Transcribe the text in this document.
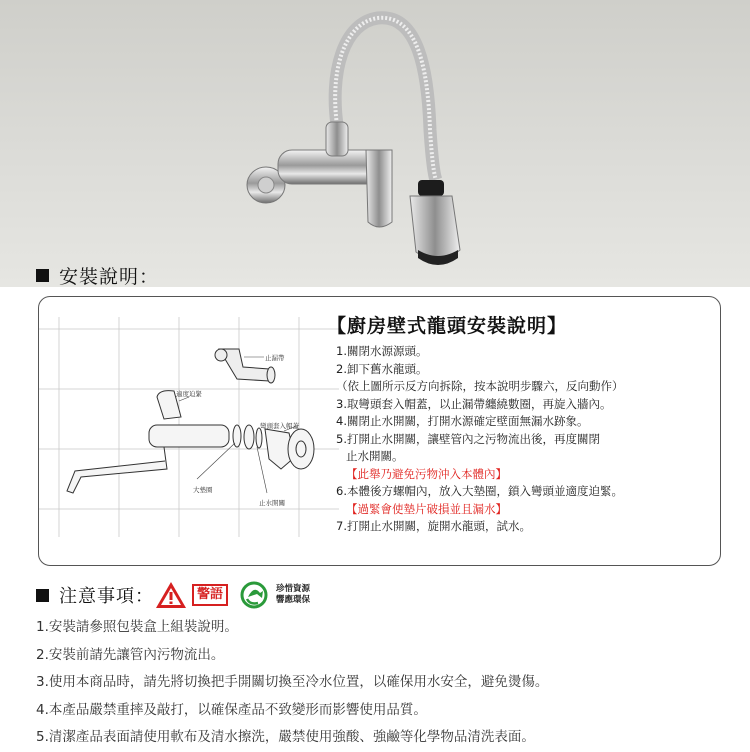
安裝說明：
止漏帶
適度迫緊
彎頭套入帽蓋
大墊圈
止水開關
【廚房壁式龍頭安裝說明】
1.關閉水源源頭。
2.卸下舊水龍頭。
（依上圖所示反方向拆除，按本說明步驟六，反向動作）
3.取彎頭套入帽蓋，以止漏帶纏繞數圈，再旋入牆內。
4.關閉止水開關，打開水源確定壁面無漏水跡象。
5.打開止水開關，讓壁管內之污物流出後，再度關閉
止水開關。
【此舉乃避免污物沖入本體內】
6.本體後方螺帽內，放入大墊圈，鎖入彎頭並適度迫緊。
【過緊會使墊片破損並且漏水】
7.打開止水開關，旋開水龍頭，試水。
注意事項：	警語	珍惜資源
響應環保
1.安裝請參照包裝盒上組裝說明。
2.安裝前請先讓管內污物流出。
3.使用本商品時，請先將切換把手開關切換至冷水位置，以確保用水安全，避免燙傷。
4.本產品嚴禁重摔及敲打，以確保產品不致變形而影響使用品質。
5.清潔產品表面請使用軟布及清水擦洗，嚴禁使用強酸、強鹼等化學物品清洗表面。
